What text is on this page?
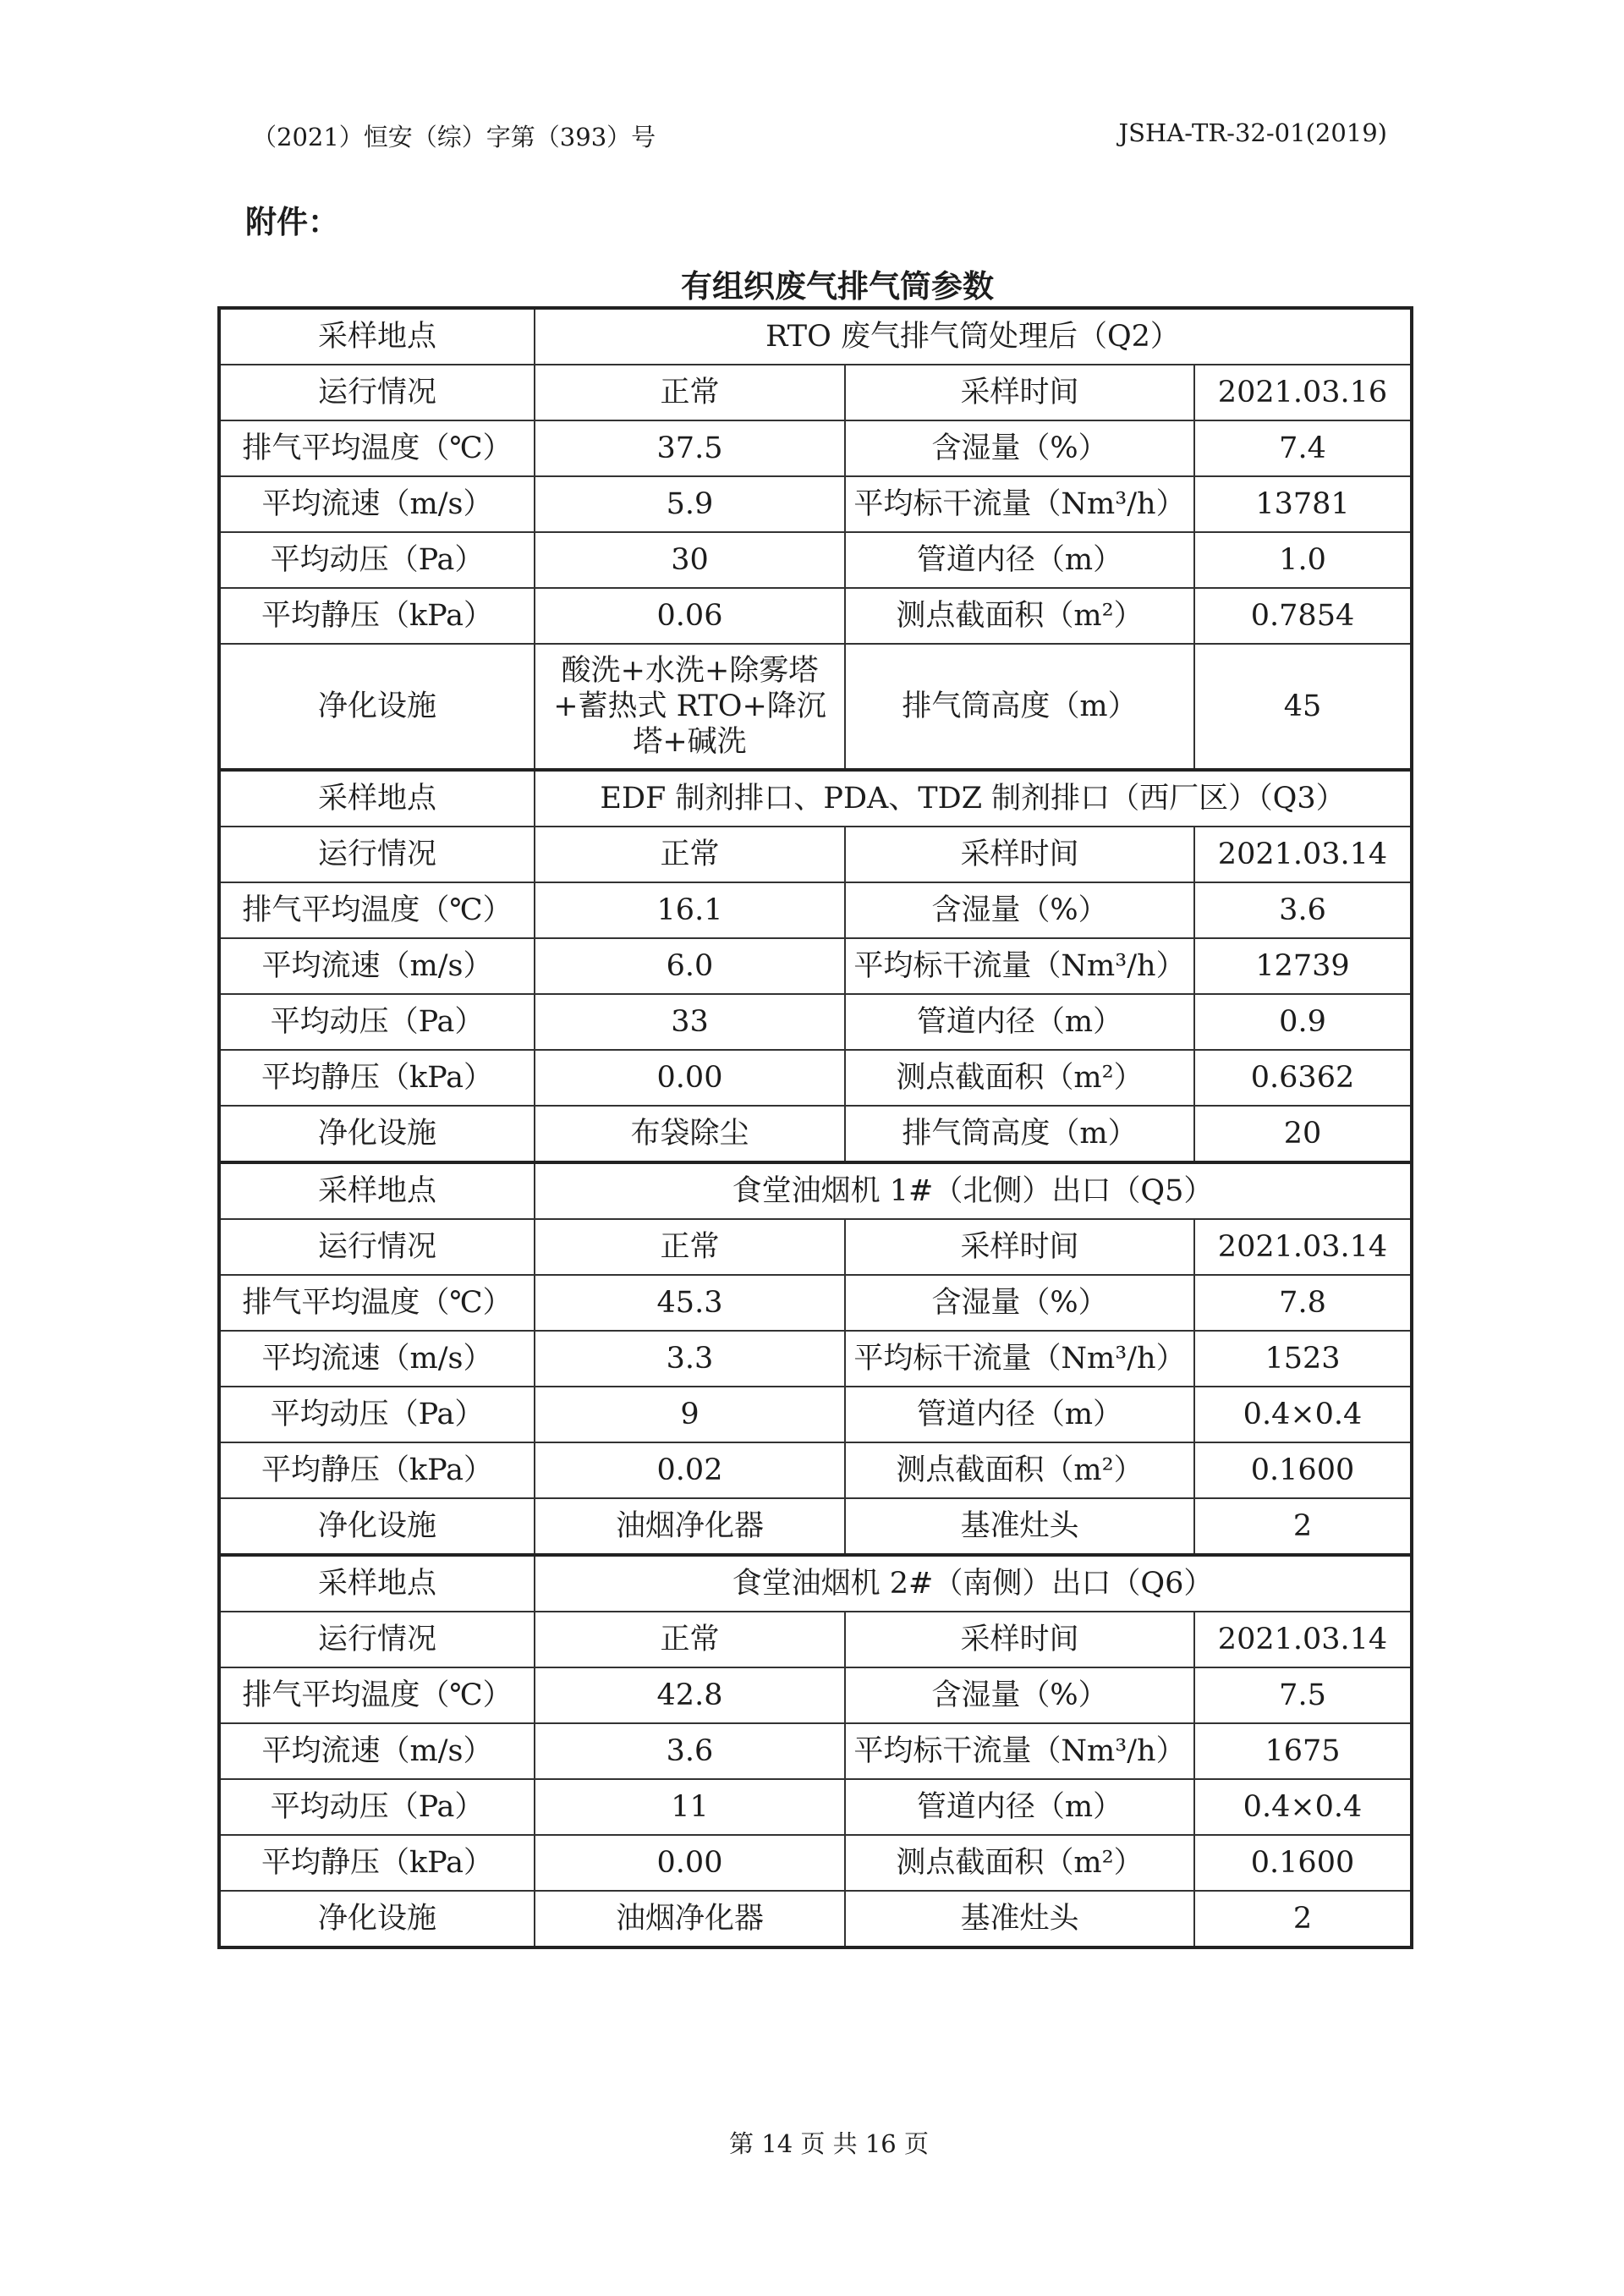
（2021）恒安（综）字第（393）号	JSHA-TR-32-01(2019)
附件：
有组织废气排气筒参数
采样地点	RTO 废气排气筒处理后（Q2）		
运行情况	正常	采样时间	2021.03.16
排气平均温度（℃）	37.5	含湿量（%）	7.4
平均流速（m/s）	5.9	平均标干流量（Nm³/h）	13781
平均动压（Pa）	30	管道内径（m）	1.0
平均静压（kPa）	0.06	测点截面积（m²）	0.7854
净化设施	酸洗+水洗+除雾塔+蓄热式 RTO+降沉塔+碱洗	排气筒高度（m）	45
采样地点	EDF 制剂排口、PDA、TDZ 制剂排口（西厂区）（Q3）		
运行情况	正常	采样时间	2021.03.14
排气平均温度（℃）	16.1	含湿量（%）	3.6
平均流速（m/s）	6.0	平均标干流量（Nm³/h）	12739
平均动压（Pa）	33	管道内径（m）	0.9
平均静压（kPa）	0.00	测点截面积（m²）	0.6362
净化设施	布袋除尘	排气筒高度（m）	20
采样地点	食堂油烟机 1#（北侧）出口（Q5）		
运行情况	正常	采样时间	2021.03.14
排气平均温度（℃）	45.3	含湿量（%）	7.8
平均流速（m/s）	3.3	平均标干流量（Nm³/h）	1523
平均动压（Pa）	9	管道内径（m）	0.4×0.4
平均静压（kPa）	0.02	测点截面积（m²）	0.1600
净化设施	油烟净化器	基准灶头	2
采样地点	食堂油烟机 2#（南侧）出口（Q6）		
运行情况	正常	采样时间	2021.03.14
排气平均温度（℃）	42.8	含湿量（%）	7.5
平均流速（m/s）	3.6	平均标干流量（Nm³/h）	1675
平均动压（Pa）	11	管道内径（m）	0.4×0.4
平均静压（kPa）	0.00	测点截面积（m²）	0.1600
净化设施	油烟净化器	基准灶头	2
第 14 页 共 16 页
